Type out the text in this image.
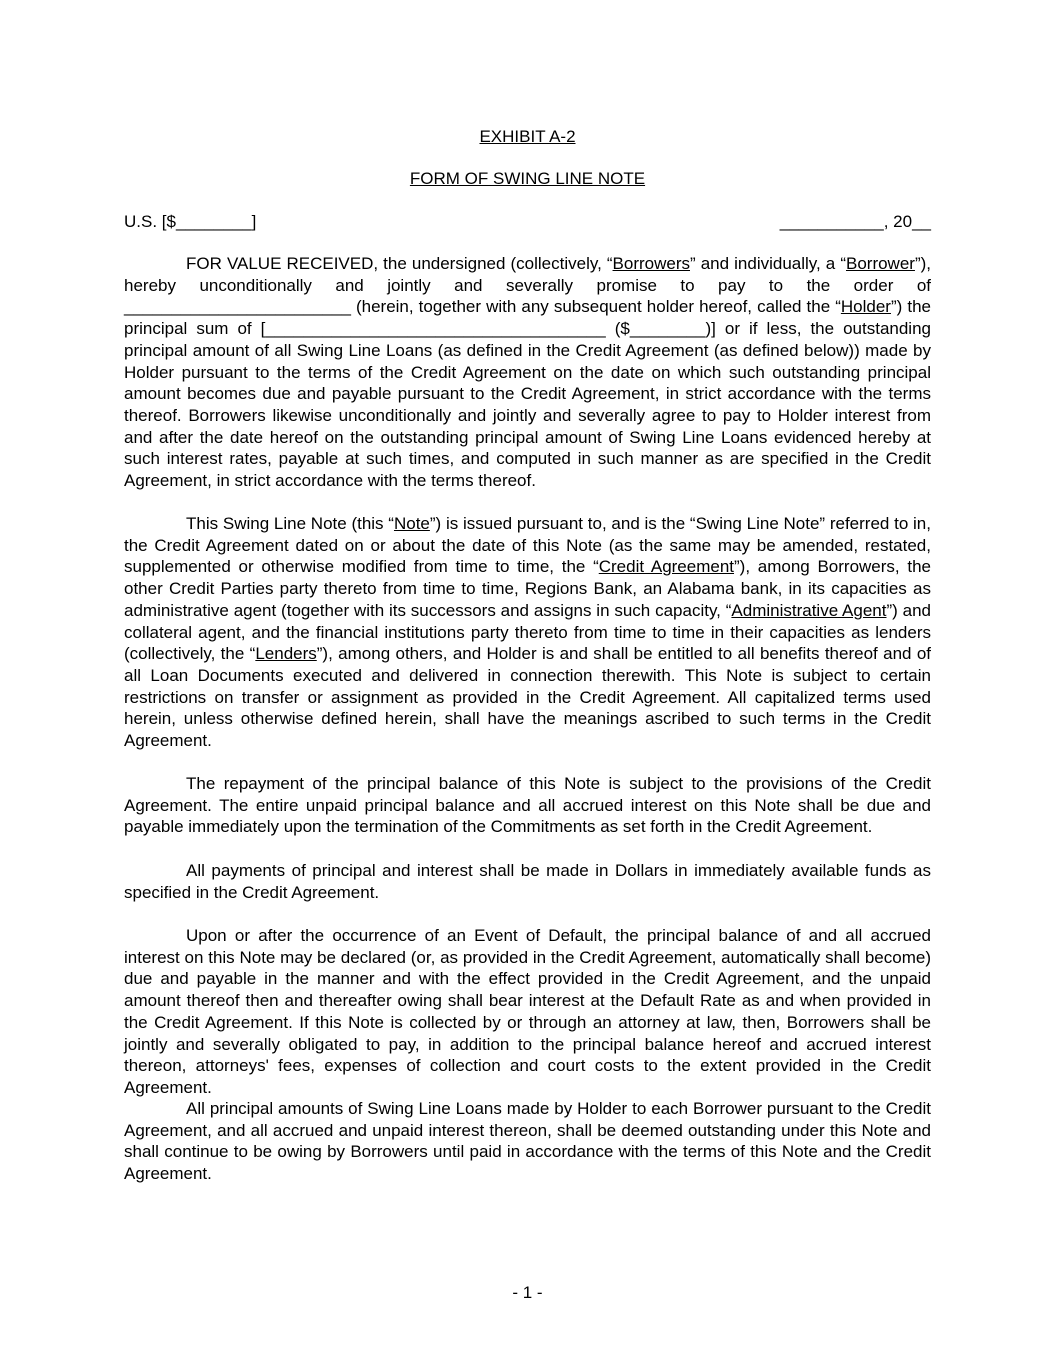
EXHIBIT A-2
FORM OF SWING LINE NOTE
U.S. [$________]	___________, 20__

FOR VALUE RECEIVED, the undersigned (collectively, “Borrowers” and individually, a “Borrower”), hereby unconditionally and jointly and severally promise to pay to the order of ________________________ (herein, together with any subsequent holder hereof, called the “Holder”) the principal sum of [____________________________________ ($________)] or if less, the outstanding principal amount of all Swing Line Loans (as defined in the Credit Agreement (as defined below)) made by Holder pursuant to the terms of the Credit Agreement on the date on which such outstanding principal amount becomes due and payable pursuant to the Credit Agreement, in strict accordance with the terms thereof. Borrowers likewise unconditionally and jointly and severally agree to pay to Holder interest from and after the date hereof on the outstanding principal amount of Swing Line Loans evidenced hereby at such interest rates, payable at such times, and computed in such manner as are specified in the Credit Agreement, in strict accordance with the terms thereof.

This Swing Line Note (this “Note”) is issued pursuant to, and is the “Swing Line Note” referred to in, the Credit Agreement dated on or about the date of this Note (as the same may be amended, restated, supplemented or otherwise modified from time to time, the “Credit Agreement”), among Borrowers, the other Credit Parties party thereto from time to time, Regions Bank, an Alabama bank, in its capacities as administrative agent (together with its successors and assigns in such capacity, “Administrative Agent”) and collateral agent, and the financial institutions party thereto from time to time in their capacities as lenders (collectively, the “Lenders”), among others, and Holder is and shall be entitled to all benefits thereof and of all Loan Documents executed and delivered in connection therewith. This Note is subject to certain restrictions on transfer or assignment as provided in the Credit Agreement. All capitalized terms used herein, unless otherwise defined herein, shall have the meanings ascribed to such terms in the Credit Agreement.

The repayment of the principal balance of this Note is subject to the provisions of the Credit Agreement. The entire unpaid principal balance and all accrued interest on this Note shall be due and payable immediately upon the termination of the Commitments as set forth in the Credit Agreement.

All payments of principal and interest shall be made in Dollars in immediately available funds as specified in the Credit Agreement.

Upon or after the occurrence of an Event of Default, the principal balance of and all accrued interest on this Note may be declared (or, as provided in the Credit Agreement, automatically shall become) due and payable in the manner and with the effect provided in the Credit Agreement, and the unpaid amount thereof then and thereafter owing shall bear interest at the Default Rate as and when provided in the Credit Agreement. If this Note is collected by or through an attorney at law, then, Borrowers shall be jointly and severally obligated to pay, in addition to the principal balance hereof and accrued interest thereon, attorneys' fees, expenses of collection and court costs to the extent provided in the Credit Agreement.

All principal amounts of Swing Line Loans made by Holder to each Borrower pursuant to the Credit Agreement, and all accrued and unpaid interest thereon, shall be deemed outstanding under this Note and shall continue to be owing by Borrowers until paid in accordance with the terms of this Note and the Credit Agreement.

- 1 -
